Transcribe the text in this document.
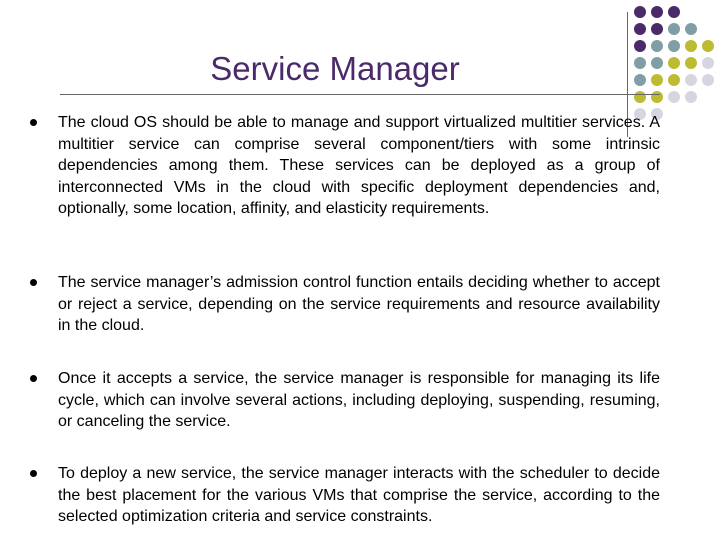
Service Manager
The cloud OS should be able to manage and support virtualized multitier services. A multitier service can comprise several component/tiers with some intrinsic dependencies among them. These services can be deployed as a group of interconnected VMs in the cloud with specific deployment dependencies and, optionally, some location, affinity, and elasticity requirements.
The service manager’s admission control function entails deciding whether to accept or reject a service, depending on the service requirements and resource availability in the cloud.
Once it accepts a service, the service manager is responsible for managing its life cycle, which can involve several actions, including deploying, suspending, resuming, or canceling the service.
To deploy a new service, the service manager interacts with the scheduler to decide the best placement for the various VMs that comprise the service, according to the selected optimization criteria and service constraints.
